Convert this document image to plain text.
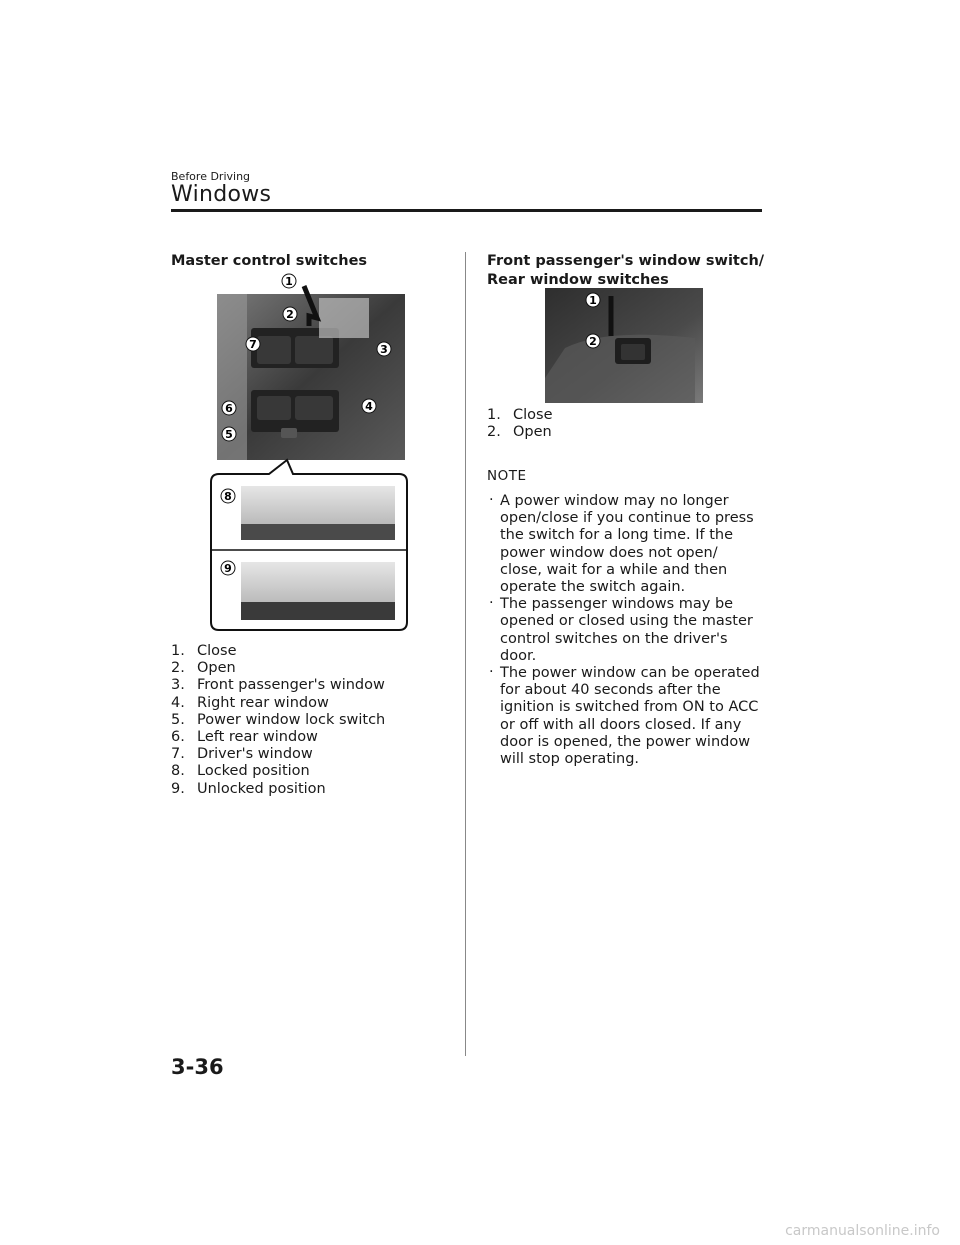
Before Driving
Windows
Master control switches
1
2
3
4
5
6
7
8
9
1. Close
2. Open
3. Front passenger's window
4. Right rear window
5. Power window lock switch
6. Left rear window
7. Driver's window
8. Locked position
9. Unlocked position
Front passenger's window switch/
Rear window switches
1
2
1. Close
2. Open
NOTE
· A power window may no longer open/close if you continue to press the switch for a long time. If the power window does not open/ close, wait for a while and then operate the switch again.
· The passenger windows may be opened or closed using the master control switches on the driver's door.
· The power window can be operated for about 40 seconds after the ignition is switched from ON to ACC or off with all doors closed. If any door is opened, the power window will stop operating.
3-36
carmanualsonline.info
